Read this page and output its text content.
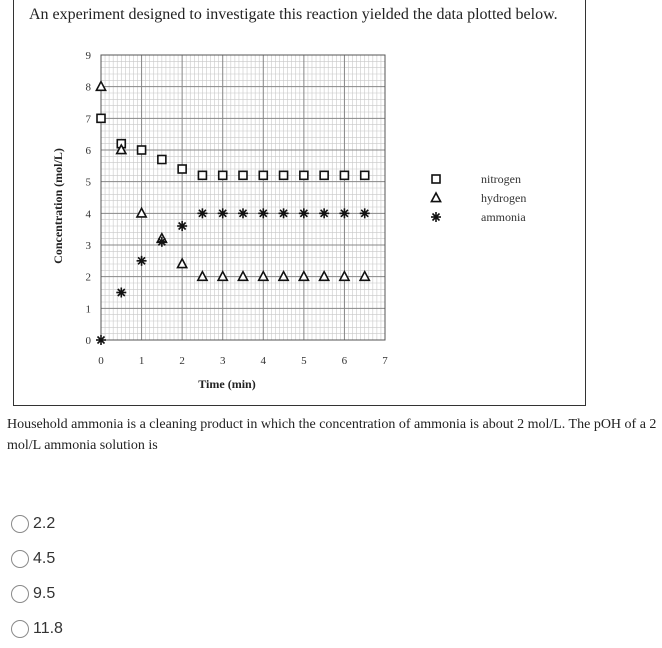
An experiment designed to investigate this reaction yielded the data plotted below.
0	1	2	3	4	5	6	7
0
1
2
3
4
5
6
7
8
9
Time (min)
Concentration (mol/L)	nitrogen
hydrogen
ammonia
Household ammonia is a cleaning product in which the concentration of ammonia is about 2 mol/L. The pOH of a 2 mol/L ammonia solution is
2.2
4.5
9.5
11.8
